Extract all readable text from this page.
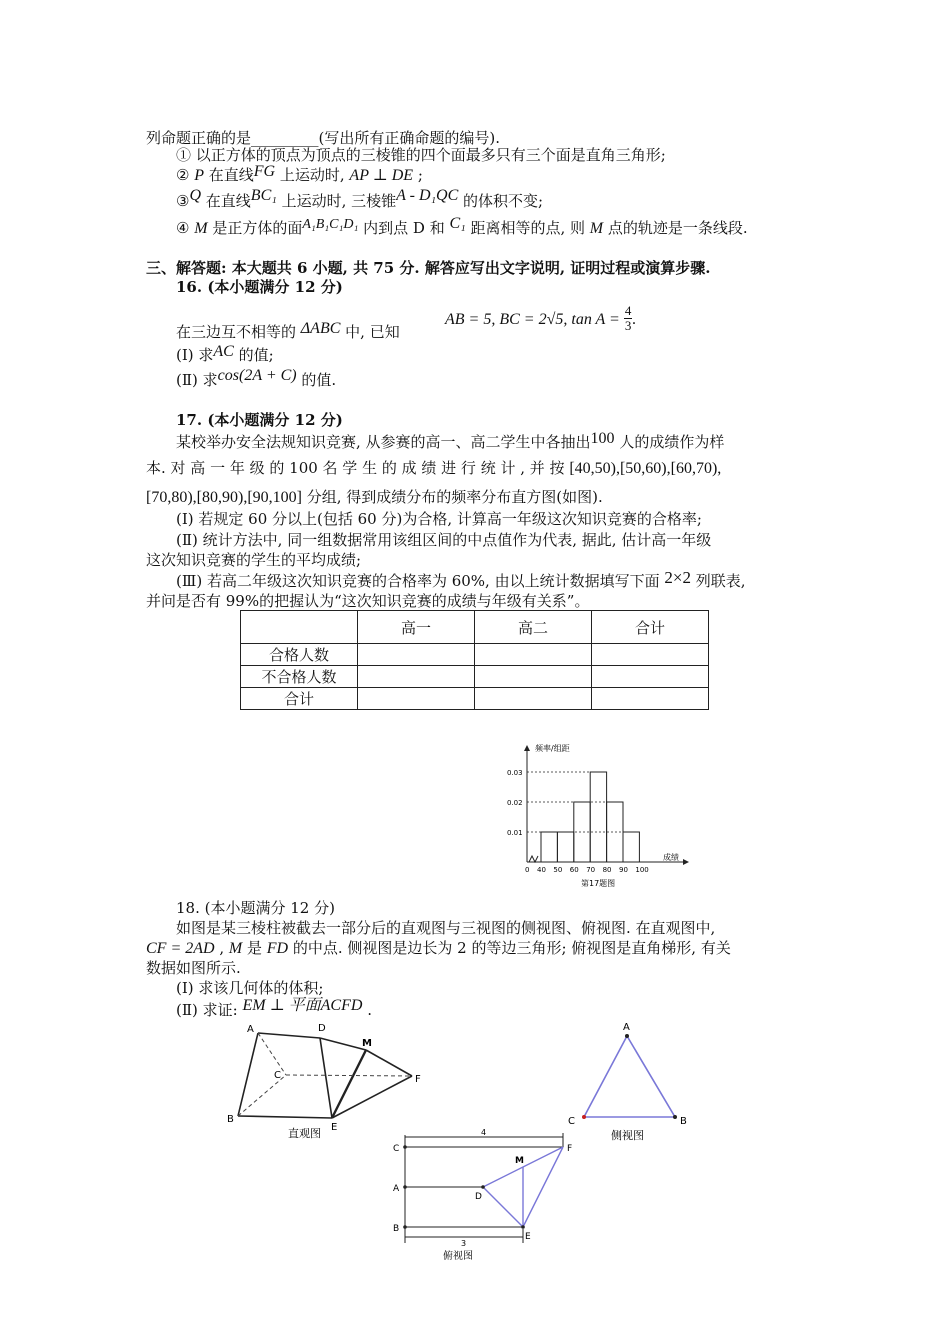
列命题正确的是_________(写出所有正确命题的编号).
① 以正方体的顶点为顶点的三棱锥的四个面最多只有三个面是直角三角形;
② P 在直线FG 上运动时, AP ⊥ DE ;
③Q 在直线BC₁ 上运动时, 三棱锥A - D₁QC 的体积不变;
④ M 是正方体的面A₁B₁C₁D₁ 内到点 D 和 C₁ 距离相等的点, 则 M 点的轨迹是一条线段.
三、解答题: 本大题共 6 小题, 共 75 分. 解答应写出文字说明, 证明过程或演算步骤.
16. (本小题满分 12 分)
AB = 5, BC = 2√5, $\tan A = \frac{4}{3}$ .
在三边互不相等的 ΔABC 中, 已知
(Ⅰ) 求AC 的值;
(Ⅱ) 求cos(2A + C) 的值.
17. (本小题满分 12 分)
某校举办安全法规知识竞赛, 从参赛的高一、高二学生中各抽出100 人的成绩作为样
本. 对 高 一 年 级 的 100 名 学 生 的 成 绩 进 行 统 计 , 并 按 [40,50),[50,60),[60,70),
[70,80),[80,90),[90,100] 分组, 得到成绩分布的频率分布直方图(如图).
(Ⅰ) 若规定 60 分以上(包括 60 分)为合格, 计算高一年级这次知识竞赛的合格率;
(Ⅱ) 统计方法中, 同一组数据常用该组区间的中点值作为代表, 据此, 估计高一年级
这次知识竞赛的学生的平均成绩;
(Ⅲ) 若高二年级这次知识竞赛的合格率为 60%, 由以上统计数据填写下面 2×2 列联表,
并问是否有 99%的把握认为“这次知识竞赛的成绩与年级有关系”。
	高一	高二	合计
合格人数			
不合格人数			
合计			
0.01
0.02
0.03
0 40 50 60 70 80 90 100
频率/组距
成绩
第17题图
18. (本小题满分 12 分)
如图是某三棱柱被截去一部分后的直观图与三视图的侧视图、俯视图. 在直观图中,
CF = 2AD , M 是 FD 的中点. 侧视图是边长为 2 的等边三角形; 俯视图是直角梯形, 有关
数据如图所示.
(Ⅰ) 求该几何体的体积;
(Ⅱ) 求证: EM ⊥ 平面ACFD .
A	D
M
C	F
B
E
直观图
A
C	B
侧视图
C
A
B
D
E
F
M
4
3
俯视图
